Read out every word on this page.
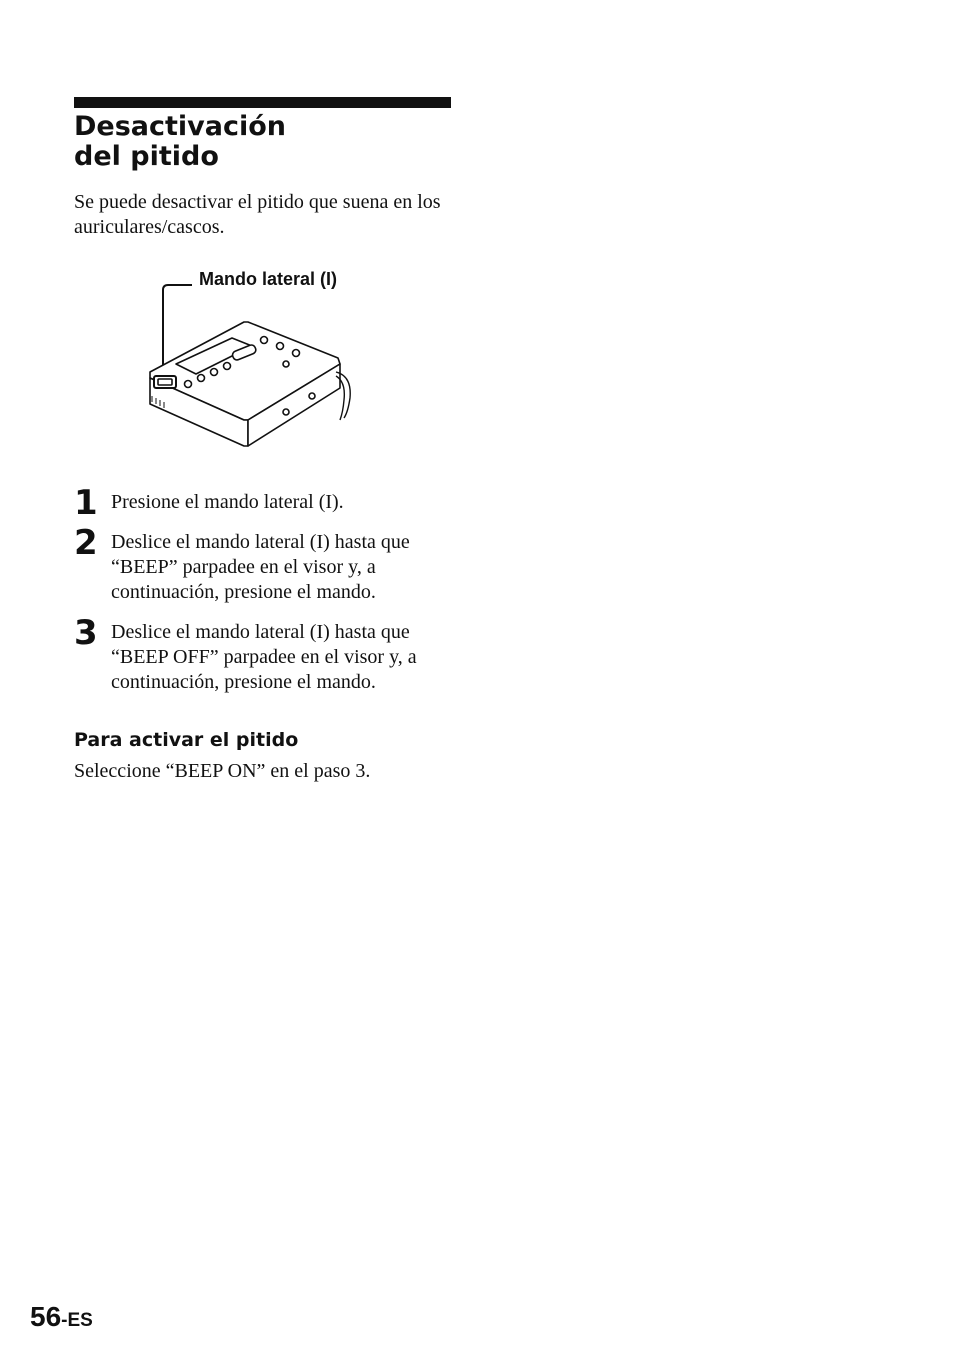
Desactivación
del pitido

Se puede desactivar el pitido que suena en los auriculares/cascos.

Mando lateral (I)

1 Presione el mando lateral (I).
2 Deslice el mando lateral (I) hasta que
“BEEP” parpadee en el visor y, a
continuación, presione el mando.
3 Deslice el mando lateral (I) hasta que
“BEEP OFF” parpadee en el visor y, a
continuación, presione el mando.
Para activar el pitido

Seleccione “BEEP ON” en el paso 3.

56-ES
